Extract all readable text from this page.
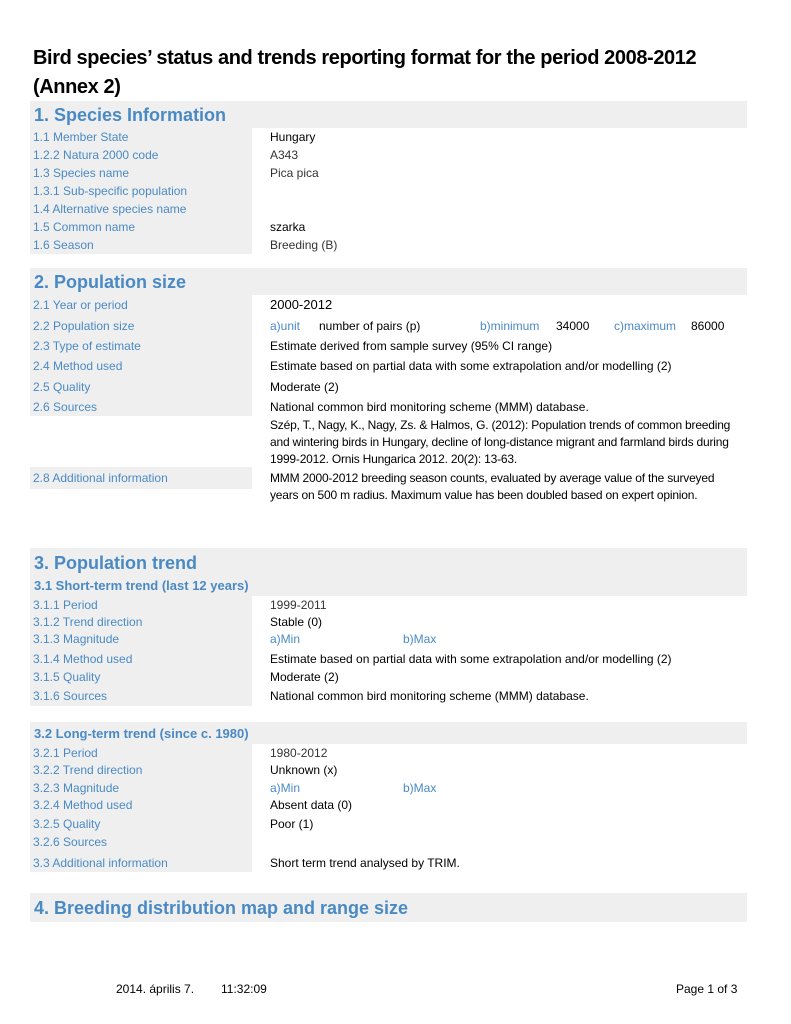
Bird species’ status and trends reporting format for the period 2008-2012
(Annex 2)
1. Species Information
1.1 Member State	Hungary
1.2.2 Natura 2000 code	A343
1.3 Species name	Pica pica
1.3.1 Sub-specific population
1.4 Alternative species name
1.5 Common name	szarka
1.6 Season	Breeding (B)
2. Population size
2.1 Year or period	2000-2012
2.2 Population size	a)unit number of pairs (p)	b)minimum 34000 c)maximum 86000
2.3 Type of estimate	Estimate derived from sample survey (95% CI range)
2.4 Method used	Estimate based on partial data with some extrapolation and/or modelling (2)
2.5 Quality	Moderate (2)
2.6 Sources	National common bird monitoring scheme (MMM) database.
Szép, T., Nagy, K., Nagy, Zs. & Halmos, G. (2012): Population trends of common breeding and wintering birds in Hungary, decline of long-distance migrant and farmland birds during 1999-2012. Ornis Hungarica 2012. 20(2): 13-63.
2.8 Additional information	MMM 2000-2012 breeding season counts, evaluated by average value of the surveyed years on 500 m radius. Maximum value has been doubled based on expert opinion.
3. Population trend
3.1 Short-term trend (last 12 years)
3.1.1 Period	1999-2011
3.1.2 Trend direction	Stable (0)
3.1.3 Magnitude	a)Min	b)Max
3.1.4 Method used	Estimate based on partial data with some extrapolation and/or modelling (2)
3.1.5 Quality	Moderate (2)
3.1.6 Sources	National common bird monitoring scheme (MMM) database.
3.2 Long-term trend (since c. 1980)
3.2.1 Period	1980-2012
3.2.2 Trend direction	Unknown (x)
3.2.3 Magnitude	a)Min	b)Max
3.2.4 Method used	Absent data (0)
3.2.5 Quality	Poor (1)
3.2.6 Sources
3.3 Additional information	Short term trend analysed by TRIM.
4. Breeding distribution map and range size
2014. április 7. 11:32:09	Page 1 of 3
